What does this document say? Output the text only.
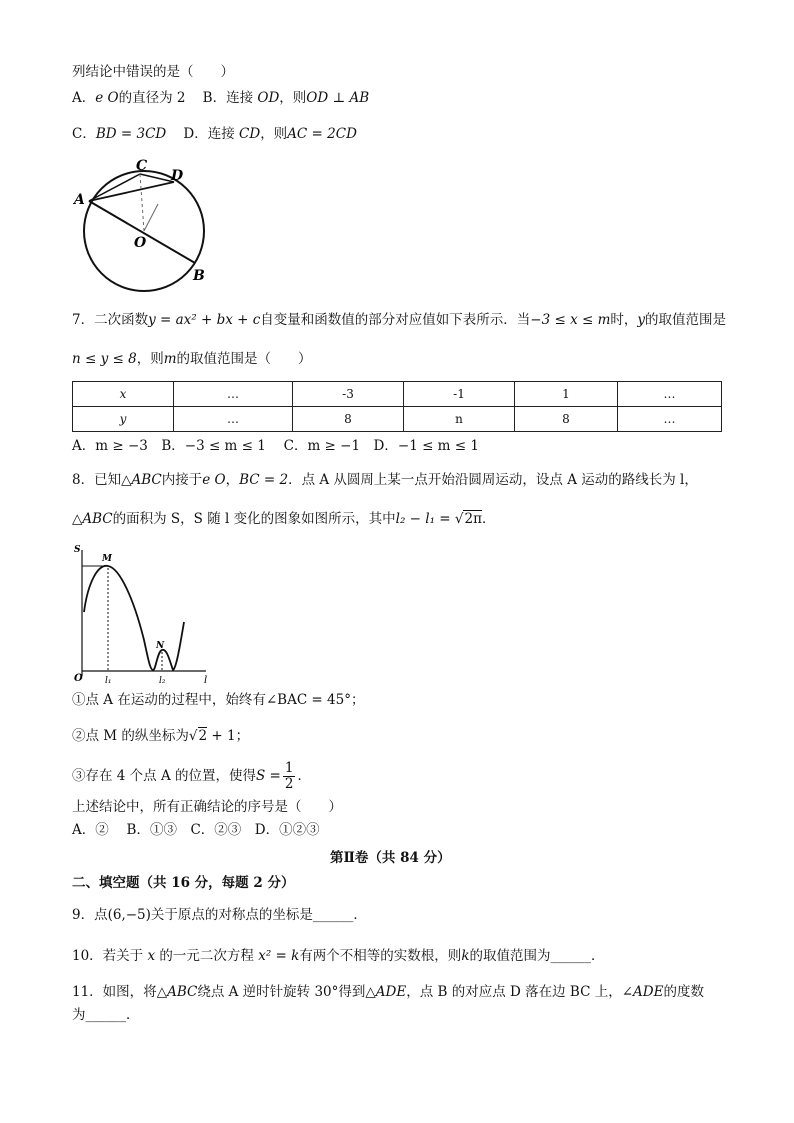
列结论中错误的是（　　）
A．e O的直径为 2 B．连接 OD，则OD ⊥ AB
C．BD = 3CD D．连接 CD，则AC = 2CD
A
B
C
D
O
7．二次函数y = ax² + bx + c自变量和函数值的部分对应值如下表所示．当−3 ≤ x ≤ m时，y的取值范围是
n ≤ y ≤ 8，则m的取值范围是（　　）
x	…	-3	-1	1	…
y	…	8	n	8	…
A．m ≥ −3　B．−3 ≤ m ≤ 1　 C．m ≥ −1　D．−1 ≤ m ≤ 1
8．已知△ABC内接于e O，BC = 2．点 A 从圆周上某一点开始沿圆周运动，设点 A 运动的路线长为 l，
△ABC的面积为 S，S 随 l 变化的图象如图所示，其中l₂ − l₁ = √2π．
S
M
N
O l₁	l₂	l
①点 A 在运动的过程中，始终有∠BAC = 45°；
②点 M 的纵坐标为√2 + 1；
③存在 4 个点 A 的位置，使得$S = \frac{1}{2}$ ．
上述结论中，所有正确结论的序号是（　　）
A．②　 B．①③　C．②③　D．①②③
第Ⅱ卷（共 84 分）
二、填空题（共 16 分，每题 2 分）
9．点(6,−5)关于原点的对称点的坐标是______．
10．若关于 x 的一元二次方程 x² = k有两个不相等的实数根，则k的取值范围为______．
11．如图，将△ABC绕点 A 逆时针旋转 30°得到△ADE，点 B 的对应点 D 落在边 BC 上，∠ADE的度数
为______．
